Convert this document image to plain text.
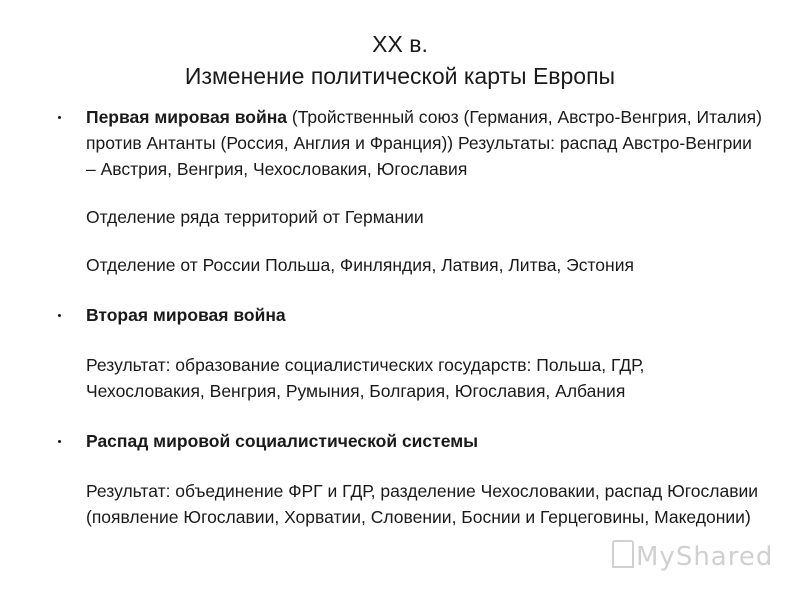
XX в.
Изменение политической карты Европы
Первая мировая война (Тройственный союз (Германия, Австро-Венгрия, Италия) против Антанты (Россия, Англия и Франция)) Результаты: распад Австро-Венгрии – Австрия, Венгрия, Чехословакия, Югославия
Отделение ряда территорий от Германии
Отделение от России Польша, Финляндия, Латвия, Литва, Эстония
Вторая мировая война
Результат: образование социалистических государств: Польша, ГДР, Чехословакия, Венгрия, Румыния, Болгария, Югославия, Албания
Распад мировой социалистической системы
Результат: объединение ФРГ и ГДР, разделение Чехословакии, распад Югославии (появление Югославии, Хорватии, Словении, Боснии и Герцеговины, Македонии)
MyShared
